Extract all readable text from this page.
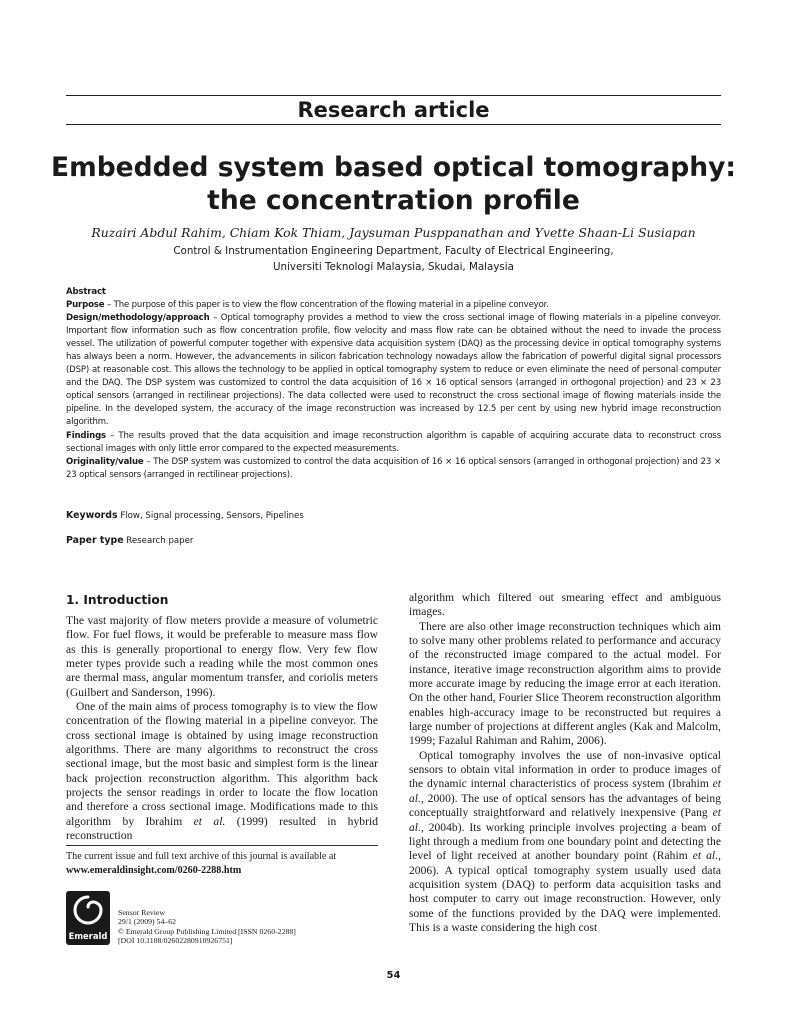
Research article
Embedded system based optical tomography:
the concentration profile
Ruzairi Abdul Rahim, Chiam Kok Thiam, Jaysuman Pusppanathan and Yvette Shaan-Li Susiapan
Control & Instrumentation Engineering Department, Faculty of Electrical Engineering,
Universiti Teknologi Malaysia, Skudai, Malaysia

Abstract

Purpose – The purpose of this paper is to view the flow concentration of the flowing material in a pipeline conveyor.

Design/methodology/approach – Optical tomography provides a method to view the cross sectional image of flowing materials in a pipeline conveyor. Important flow information such as flow concentration profile, flow velocity and mass flow rate can be obtained without the need to invade the process vessel. The utilization of powerful computer together with expensive data acquisition system (DAQ) as the processing device in optical tomography systems has always been a norm. However, the advancements in silicon fabrication technology nowadays allow the fabrication of powerful digital signal processors (DSP) at reasonable cost. This allows the technology to be applied in optical tomography system to reduce or even eliminate the need of personal computer and the DAQ. The DSP system was customized to control the data acquisition of 16 × 16 optical sensors (arranged in orthogonal projection) and 23 × 23 optical sensors (arranged in rectilinear projections). The data collected were used to reconstruct the cross sectional image of flowing materials inside the pipeline. In the developed system, the accuracy of the image reconstruction was increased by 12.5 per cent by using new hybrid image reconstruction algorithm.

Findings – The results proved that the data acquisition and image reconstruction algorithm is capable of acquiring accurate data to reconstruct cross sectional images with only little error compared to the expected measurements.

Originality/value – The DSP system was customized to control the data acquisition of 16 × 16 optical sensors (arranged in orthogonal projection) and 23 × 23 optical sensors (arranged in rectilinear projections).

Keywords Flow, Signal processing, Sensors, Pipelines
Paper type Research paper
1. Introduction

The vast majority of flow meters provide a measure of volumetric flow. For fuel flows, it would be preferable to measure mass flow as this is generally proportional to energy flow. Very few flow meter types provide such a reading while the most common ones are thermal mass, angular momentum transfer, and coriolis meters (Guilbert and Sanderson, 1996).

One of the main aims of process tomography is to view the flow concentration of the flowing material in a pipeline conveyor. The cross sectional image is obtained by using image reconstruction algorithms. There are many algorithms to reconstruct the cross sectional image, but the most basic and simplest form is the linear back projection reconstruction algorithm. This algorithm back projects the sensor readings in order to locate the flow location and therefore a cross sectional image. Modifications made to this algorithm by Ibrahim et al. (1999) resulted in hybrid reconstruction

algorithm which filtered out smearing effect and ambiguous images.

There are also other image reconstruction techniques which aim to solve many other problems related to performance and accuracy of the reconstructed image compared to the actual model. For instance, iterative image reconstruction algorithm aims to provide more accurate image by reducing the image error at each iteration. On the other hand, Fourier Slice Theorem reconstruction algorithm enables high-accuracy image to be reconstructed but requires a large number of projections at different angles (Kak and Malcolm, 1999; Fazalul Rahiman and Rahim, 2006).

Optical tomography involves the use of non-invasive optical sensors to obtain vital information in order to produce images of the dynamic internal characteristics of process system (Ibrahim et al., 2000). The use of optical sensors has the advantages of being conceptually straightforward and relatively inexpensive (Pang et al., 2004b). Its working principle involves projecting a beam of light through a medium from one boundary point and detecting the level of light received at another boundary point (Rahim et al., 2006). A typical optical tomography system usually used data acquisition system (DAQ) to perform data acquisition tasks and host computer to carry out image reconstruction. However, only some of the functions provided by the DAQ were implemented. This is a waste considering the high cost

The current issue and full text archive of this journal is available at
www.emeraldinsight.com/0260-2288.htm
Emerald
Sensor Review
29/1 (2009) 54–62
© Emerald Group Publishing Limited [ISSN 0260-2288]
[DOI 10.1108/02602280910926751]
54
